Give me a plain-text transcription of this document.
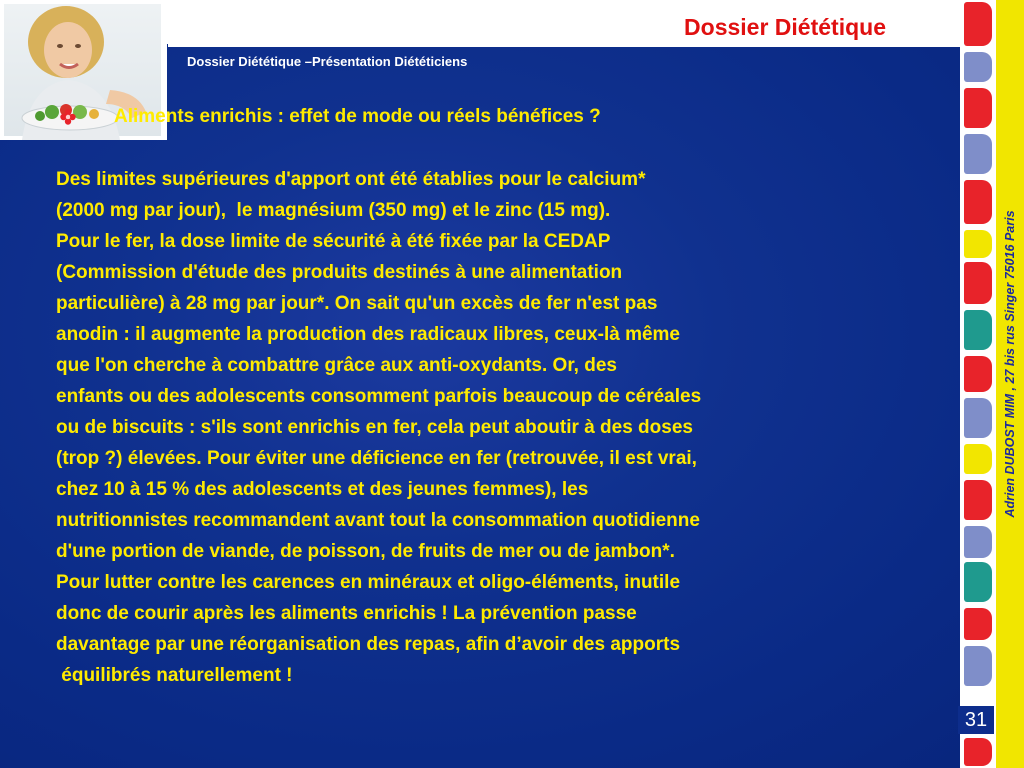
Dossier Diététique
Dossier Diététique –Présentation Diététiciens
Aliments enrichis : effet de mode ou réels bénéfices ?
Des limites supérieures d'apport ont été établies pour le calcium*
(2000 mg par jour),  le magnésium (350 mg) et le zinc (15 mg).
Pour le fer, la dose limite de sécurité à été fixée par la CEDAP
(Commission d'étude des produits destinés à une alimentation
particulière) à 28 mg par jour*. On sait qu'un excès de fer n'est pas
anodin : il augmente la production des radicaux libres, ceux-là même
que l'on cherche à combattre grâce aux anti-oxydants. Or, des
enfants ou des adolescents consomment parfois beaucoup de céréales
ou de biscuits : s'ils sont enrichis en fer, cela peut aboutir à des doses
(trop ?) élevées. Pour éviter une déficience en fer (retrouvée, il est vrai,
chez 10 à 15 % des adolescents et des jeunes femmes), les
nutritionnistes recommandent avant tout la consommation quotidienne
d'une portion de viande, de poisson, de fruits de mer ou de jambon*.
Pour lutter contre les carences en minéraux et oligo-éléments, inutile
donc de courir après les aliments enrichis ! La prévention passe
davantage par une réorganisation des repas, afin d’avoir des apports
équilibrés naturellement !
31
Adrien DUBOST MIM , 27 bis rus Singer 75016 Paris
